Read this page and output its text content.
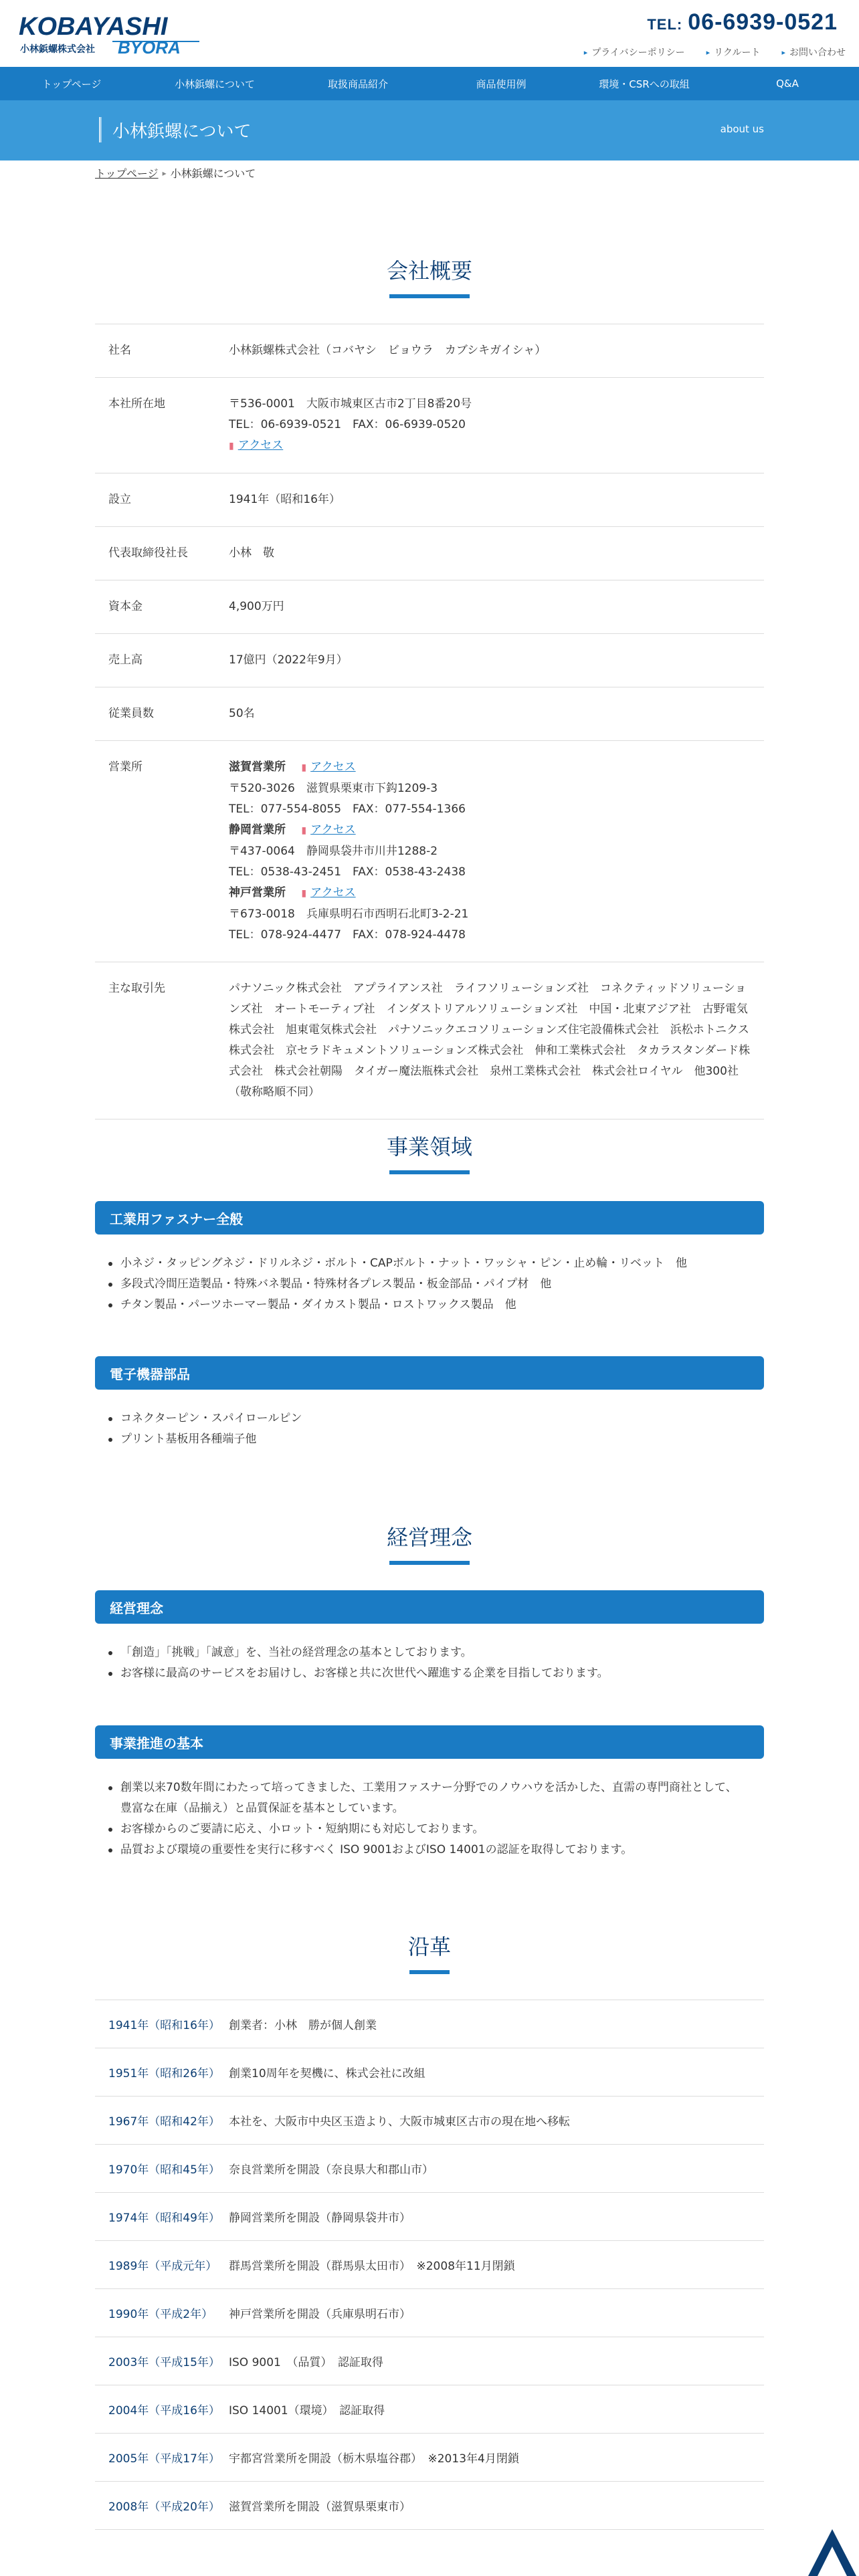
KOBAYASHI
小林鋲螺株式会社 BYORA
TEL: 06-6939-0521
▸ プライバシーポリシー	▸ リクルート	▸ お問い合わせ
トップページ	小林鋲螺について	取扱商品紹介	商品使用例	環境・CSRへの取組	Q&A
小林鋲螺について	about us
トップページ ▸ 小林鋲螺について
会社概要
社名	小林鋲螺株式会社（コバヤシ　ビョウラ　カブシキガイシャ）
本社所在地	〒536-0001　大阪市城東区古市2丁目8番20号
TEL：06-6939-0521　FAX：06-6939-0520
▮ アクセス
設立	1941年（昭和16年）
代表取締役社長	小林　敬
資本金	4,900万円
売上高	17億円（2022年9月）
従業員数	50名
営業所	滋賀営業所 ▮ アクセス
〒520-3026　滋賀県栗東市下鈎1209-3
TEL：077-554-8055　FAX：077-554-1366
静岡営業所 ▮ アクセス
〒437-0064　静岡県袋井市川井1288-2
TEL：0538-43-2451　FAX：0538-43-2438
神戸営業所 ▮ アクセス
〒673-0018　兵庫県明石市西明石北町3-2-21
TEL：078-924-4477　FAX：078-924-4478
主な取引先	パナソニック株式会社　アプライアンス社　ライフソリューションズ社　コネクティッドソリューションズ社　オートモーティブ社　インダストリアルソリューションズ社　中国・北東アジア社　古野電気株式会社　旭東電気株式会社　パナソニックエコソリューションズ住宅設備株式会社　浜松ホトニクス株式会社　京セラドキュメントソリューションズ株式会社　伸和工業株式会社　タカラスタンダード株式会社　株式会社朝陽　タイガー魔法瓶株式会社　泉州工業株式会社　株式会社ロイヤル　他300社（敬称略順不同）
事業領域
工業用ファスナー全般
小ネジ・タッピングネジ・ドリルネジ・ボルト・CAPボルト・ナット・ワッシャ・ピン・止め輪・リベット　他
多段式冷間圧造製品・特殊バネ製品・特殊材各プレス製品・板金部品・パイプ材　他
チタン製品・パーツホーマー製品・ダイカスト製品・ロストワックス製品　他
電子機器部品
コネクターピン・スパイロールピン
プリント基板用各種端子他
経営理念
経営理念
「創造」「挑戦」「誠意」を、当社の経営理念の基本としております。
お客様に最高のサービスをお届けし、お客様と共に次世代へ躍進する企業を目指しております。
事業推進の基本
創業以来70数年間にわたって培ってきました、工業用ファスナー分野でのノウハウを活かした、直需の専門商社として、豊富な在庫（品揃え）と品質保証を基本としています。
お客様からのご要請に応え、小ロット・短納期にも対応しております。
品質および環境の重要性を実行に移すべく ISO 9001およびISO 14001の認証を取得しております。
沿革
1941年（昭和16年） 創業者：小林　勝が個人創業
1951年（昭和26年） 創業10周年を契機に、株式会社に改組
1967年（昭和42年） 本社を、大阪市中央区玉造より、大阪市城東区古市の現在地へ移転
1970年（昭和45年） 奈良営業所を開設（奈良県大和郡山市）
1974年（昭和49年） 静岡営業所を開設（静岡県袋井市）
1989年（平成元年）	群馬営業所を開設（群馬県太田市）　※2008年11月閉鎖
1990年（平成2年）	神戸営業所を開設（兵庫県明石市）
2003年（平成15年） ISO 9001　（品質）　認証取得
2004年（平成16年） ISO 14001（環境）　認証取得
2005年（平成17年） 宇都宮営業所を開設（栃木県塩谷郡）　※2013年4月閉鎖
2008年（平成20年） 滋賀営業所を開設（滋賀県栗東市）
